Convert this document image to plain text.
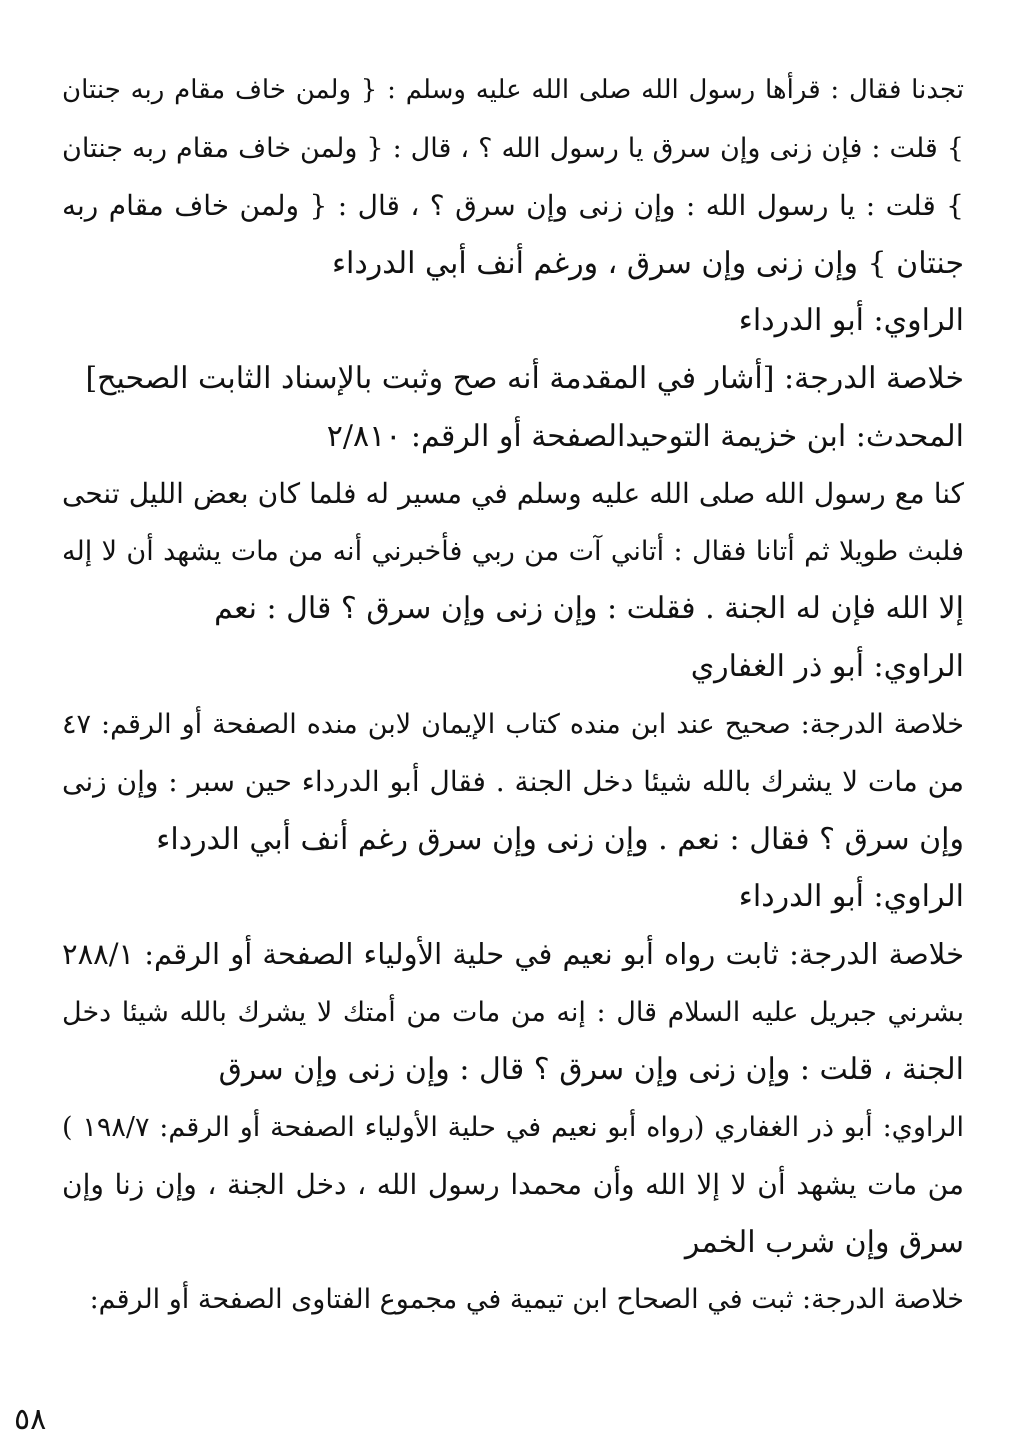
تجدنا فقال : قرأها رسول الله صلى الله عليه وسلم : { ولمن خاف مقام ربه جنتان
} قلت : فإن زنى وإن سرق يا رسول الله ؟ ، قال : { ولمن خاف مقام ربه جنتان
} قلت : يا رسول الله : وإن زنى وإن سرق ؟ ، قال : { ولمن خاف مقام ربه
جنتان } وإن زنى وإن سرق ، ورغم أنف أبي الدرداء
الراوي: أبو الدرداء
خلاصة الدرجة: [أشار في المقدمة أنه صح وثبت بالإسناد الثابت الصحيح]
المحدث: ابن خزيمة التوحيدالصفحة أو الرقم: ٢/٨١٠
كنا مع رسول الله صلى الله عليه وسلم في مسير له فلما كان بعض الليل تنحى
فلبث طويلا ثم أتانا فقال : أتاني آت من ربي فأخبرني أنه من مات يشهد أن لا إله
إلا الله فإن له الجنة . فقلت : وإن زنى وإن سرق ؟ قال : نعم
الراوي: أبو ذر الغفاري
خلاصة الدرجة: صحيح عند ابن منده كتاب الإيمان لابن منده الصفحة أو الرقم: ٤٧
من مات لا يشرك بالله شيئا دخل الجنة . فقال أبو الدرداء حين سبر : وإن زنى
وإن سرق ؟ فقال : نعم . وإن زنى وإن سرق رغم أنف أبي الدرداء
الراوي: أبو الدرداء
خلاصة الدرجة: ثابت رواه أبو نعيم في حلية الأولياء الصفحة أو الرقم: ٢٨٨/١
بشرني جبريل عليه السلام قال : إنه من مات من أمتك لا يشرك بالله شيئا دخل
الجنة ، قلت : وإن زنى وإن سرق ؟ قال : وإن زنى وإن سرق
الراوي: أبو ذر الغفاري (رواه أبو نعيم في حلية الأولياء الصفحة أو الرقم: ١٩٨/٧ )
من مات يشهد أن لا إلا الله وأن محمدا رسول الله ، دخل الجنة ، وإن زنا وإن
سرق وإن شرب الخمر
خلاصة الدرجة: ثبت في الصحاح ابن تيمية في مجموع الفتاوى الصفحة أو الرقم:
٥٨
